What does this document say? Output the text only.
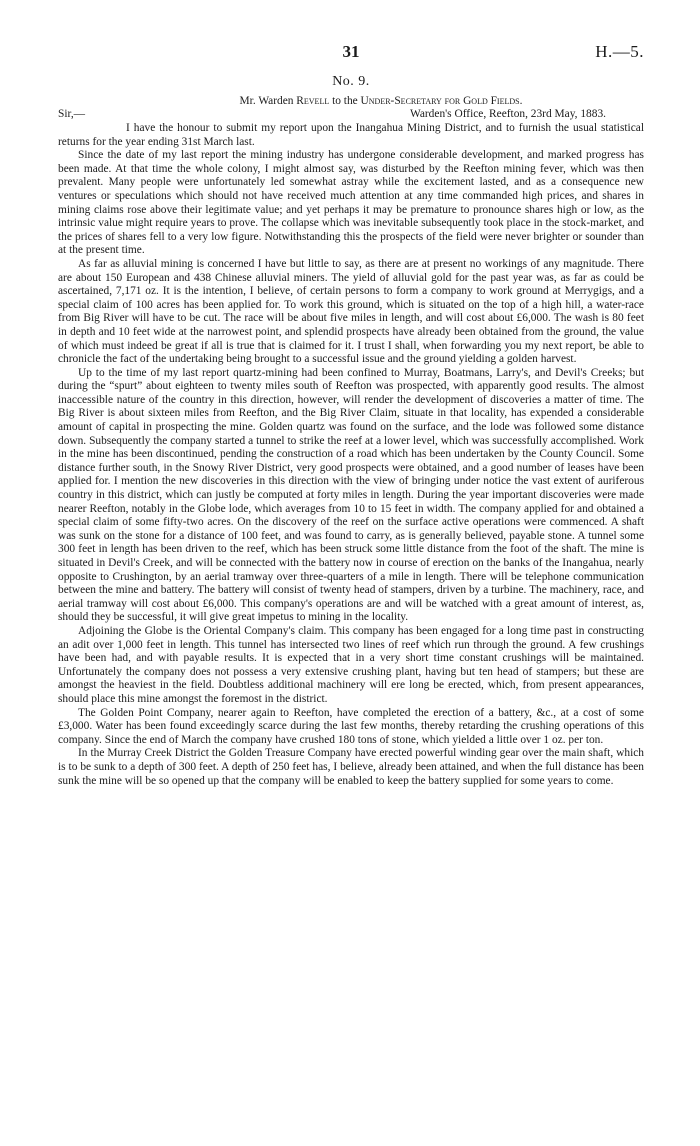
31	H.—5.
No. 9.
Mr. Warden Revell to the Under-Secretary for Gold Fields.
Sir,—	Warden's Office, Reefton, 23rd May, 1883.

I have the honour to submit my report upon the Inangahua Mining District, and to furnish the usual statistical returns for the year ending 31st March last.

Since the date of my last report the mining industry has undergone considerable development, and marked progress has been made. At that time the whole colony, I might almost say, was disturbed by the Reefton mining fever, which was then prevalent. Many people were unfortunately led somewhat astray while the excitement lasted, and as a consequence new ventures or speculations which should not have received much attention at any time commanded high prices, and shares in mining claims rose above their legitimate value; and yet perhaps it may be premature to pronounce shares high or low, as the intrinsic value might require years to prove. The collapse which was inevitable subsequently took place in the stock-market, and the prices of shares fell to a very low figure. Notwithstanding this the prospects of the field were never brighter or sounder than at the present time.

As far as alluvial mining is concerned I have but little to say, as there are at present no workings of any magnitude. There are about 150 European and 438 Chinese alluvial miners. The yield of alluvial gold for the past year was, as far as could be ascertained, 7,171 oz. It is the intention, I believe, of certain persons to form a company to work ground at Merrygigs, and a special claim of 100 acres has been applied for. To work this ground, which is situated on the top of a high hill, a water-race from Big River will have to be cut. The race will be about five miles in length, and will cost about £6,000. The wash is 80 feet in depth and 10 feet wide at the narrowest point, and splendid prospects have already been obtained from the ground, the value of which must indeed be great if all is true that is claimed for it. I trust I shall, when forwarding you my next report, be able to chronicle the fact of the undertaking being brought to a successful issue and the ground yielding a golden harvest.

Up to the time of my last report quartz-mining had been confined to Murray, Boatmans, Larry's, and Devil's Creeks; but during the “spurt” about eighteen to twenty miles south of Reefton was prospected, with apparently good results. The almost inaccessible nature of the country in this direction, however, will render the development of discoveries a matter of time. The Big River is about sixteen miles from Reefton, and the Big River Claim, situate in that locality, has expended a considerable amount of capital in prospecting the mine. Golden quartz was found on the surface, and the lode was followed some distance down. Subsequently the company started a tunnel to strike the reef at a lower level, which was successfully accomplished. Work in the mine has been discontinued, pending the construction of a road which has been undertaken by the County Council. Some distance further south, in the Snowy River District, very good prospects were obtained, and a good number of leases have been applied for. I mention the new discoveries in this direction with the view of bringing under notice the vast extent of auriferous country in this district, which can justly be computed at forty miles in length. During the year important discoveries were made nearer Reefton, notably in the Globe lode, which averages from 10 to 15 feet in width. The company applied for and obtained a special claim of some fifty-two acres. On the discovery of the reef on the surface active operations were commenced. A shaft was sunk on the stone for a distance of 100 feet, and was found to carry, as is generally believed, payable stone. A tunnel some 300 feet in length has been driven to the reef, which has been struck some little distance from the foot of the shaft. The mine is situated in Devil's Creek, and will be connected with the battery now in course of erection on the banks of the Inangahua, nearly opposite to Crushington, by an aerial tramway over three-quarters of a mile in length. There will be telephone communication between the mine and battery. The battery will consist of twenty head of stampers, driven by a turbine. The machinery, race, and aerial tramway will cost about £6,000. This company's operations are and will be watched with a great amount of interest, as, should they be successful, it will give great impetus to mining in the locality.

Adjoining the Globe is the Oriental Company's claim. This company has been engaged for a long time past in constructing an adit over 1,000 feet in length. This tunnel has intersected two lines of reef which run through the ground. A few crushings have been had, and with payable results. It is expected that in a very short time constant crushings will be maintained. Unfortunately the company does not possess a very extensive crushing plant, having but ten head of stampers; but these are amongst the heaviest in the field. Doubtless additional machinery will ere long be erected, which, from present appearances, should place this mine amongst the foremost in the district.

The Golden Point Company, nearer again to Reefton, have completed the erection of a battery, &c., at a cost of some £3,000. Water has been found exceedingly scarce during the last few months, thereby retarding the crushing operations of this company. Since the end of March the company have crushed 180 tons of stone, which yielded a little over 1 oz. per ton.

In the Murray Creek District the Golden Treasure Company have erected powerful winding gear over the main shaft, which is to be sunk to a depth of 300 feet. A depth of 250 feet has, I believe, already been attained, and when the full distance has been sunk the mine will be so opened up that the company will be enabled to keep the battery supplied for some years to come.
